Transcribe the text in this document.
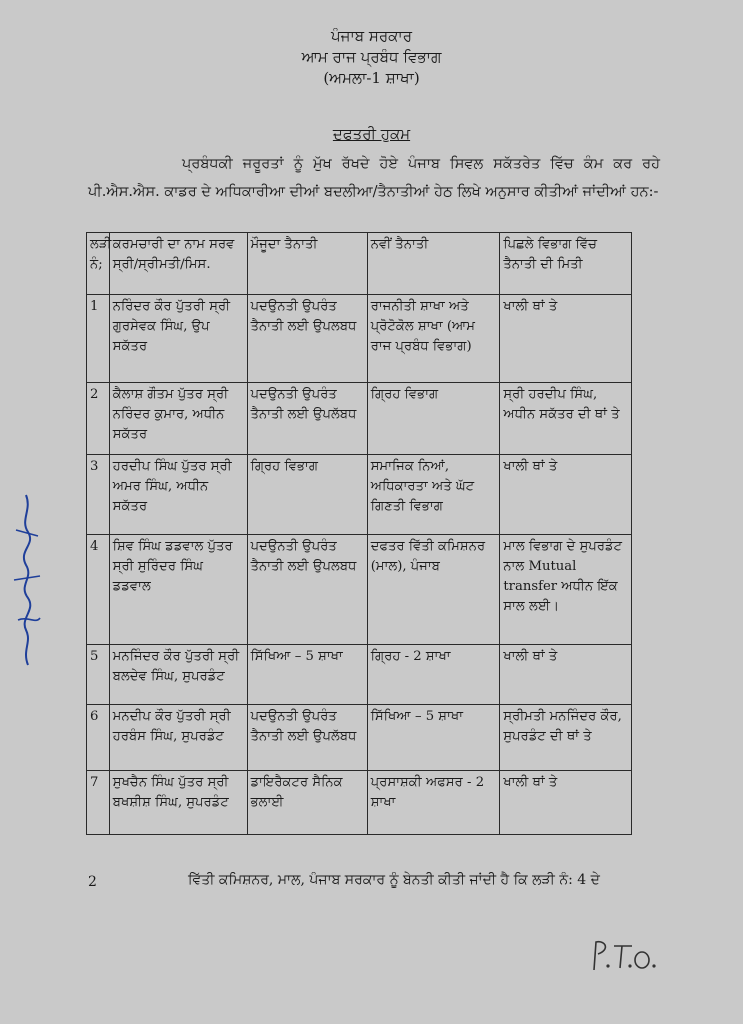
ਪੰਜਾਬ ਸਰਕਾਰ
ਆਮ ਰਾਜ ਪ੍ਰਬੰਧ ਵਿਭਾਗ
(ਅਮਲਾ-1 ਸ਼ਾਖਾ)
ਦਫਤਰੀ ਹੁਕਮ
ਪ੍ਰਬੰਧਕੀ ਜਰੂਰਤਾਂ ਨੂੰ ਮੁੱਖ ਰੱਖਦੇ ਹੋਏ ਪੰਜਾਬ ਸਿਵਲ ਸਕੱਤਰੇਤ ਵਿੱਚ ਕੰਮ ਕਰ ਰਹੇ ਪੀ.ਐਸ.ਐਸ. ਕਾਡਰ ਦੇ ਅਧਿਕਾਰੀਆ ਦੀਆਂ ਬਦਲੀਆ/ਤੈਨਾਤੀਆਂ ਹੇਠ ਲਿਖੇ ਅਨੁਸਾਰ ਕੀਤੀਆਂ ਜਾਂਦੀਆਂ ਹਨ:-
ਲੜੀ ਨੰ;	ਕਰਮਚਾਰੀ ਦਾ ਨਾਮ ਸਰਵ ਸ੍ਰੀ/ਸ੍ਰੀਮਤੀ/ਮਿਸ.	ਮੌਜੂਦਾ ਤੈਨਾਤੀ	ਨਵੀਂ ਤੈਨਾਤੀ	ਪਿਛਲੇ ਵਿਭਾਗ ਵਿੱਚ ਤੈਨਾਤੀ ਦੀ ਮਿਤੀ
1	ਨਰਿੰਦਰ ਕੌਰ ਪੁੱਤਰੀ ਸ੍ਰੀ ਗੁਰਸੇਵਕ ਸਿੰਘ, ਉਪ ਸਕੱਤਰ	ਪਦਉਨਤੀ ਉਪਰੰਤ ਤੈਨਾਤੀ ਲਈ ਉਪਲਬਧ	ਰਾਜਨੀਤੀ ਸ਼ਾਖਾ ਅਤੇ ਪ੍ਰੋਟੋਕੋਲ ਸ਼ਾਖਾ (ਆਮ ਰਾਜ ਪ੍ਰਬੰਧ ਵਿਭਾਗ)	ਖਾਲੀ ਥਾਂ ਤੇ
2	ਕੈਲਾਸ਼ ਗੌਤਮ ਪੁੱਤਰ ਸ੍ਰੀ ਨਰਿੰਦਰ ਕੁਮਾਰ, ਅਧੀਨ ਸਕੱਤਰ	ਪਦਉਨਤੀ ਉਪਰੰਤ ਤੈਨਾਤੀ ਲਈ ਉਪਲੱਬਧ	ਗ੍ਰਿਹ ਵਿਭਾਗ	ਸ੍ਰੀ ਹਰਦੀਪ ਸਿੰਘ, ਅਧੀਨ ਸਕੱਤਰ ਦੀ ਥਾਂ ਤੇ
3	ਹਰਦੀਪ ਸਿੰਘ ਪੁੱਤਰ ਸ੍ਰੀ ਅਮਰ ਸਿੰਘ, ਅਧੀਨ ਸਕੱਤਰ	ਗ੍ਰਿਹ ਵਿਭਾਗ	ਸਮਾਜਿਕ ਨਿਆਂ, ਅਧਿਕਾਰਤਾ ਅਤੇ ਘੱਟ ਗਿਣਤੀ ਵਿਭਾਗ	ਖਾਲੀ ਥਾਂ ਤੇ
4	ਸ਼ਿਵ ਸਿੰਘ ਡਡਵਾਲ ਪੁੱਤਰ ਸ੍ਰੀ ਸੁਰਿੰਦਰ ਸਿੰਘ ਡਡਵਾਲ	ਪਦਉਨਤੀ ਉਪਰੰਤ ਤੈਨਾਤੀ ਲਈ ਉਪਲਬਧ	ਦਫਤਰ ਵਿੱਤੀ ਕਮਿਸ਼ਨਰ (ਮਾਲ), ਪੰਜਾਬ	ਮਾਲ ਵਿਭਾਗ ਦੇ ਸੁਪਰਡੰਟ ਨਾਲ Mutual transfer ਅਧੀਨ ਇੱਕ ਸਾਲ ਲਈ।
5	ਮਨਜਿੰਦਰ ਕੌਰ ਪੁੱਤਰੀ ਸ੍ਰੀ ਬਲਦੇਵ ਸਿੰਘ, ਸੁਪਰਡੰਟ	ਸਿੱਖਿਆ – 5 ਸ਼ਾਖਾ	ਗ੍ਰਿਹ - 2 ਸ਼ਾਖਾ	ਖਾਲੀ ਥਾਂ ਤੇ
6	ਮਨਦੀਪ ਕੌਰ ਪੁੱਤਰੀ ਸ੍ਰੀ ਹਰਬੰਸ ਸਿੰਘ, ਸੁਪਰਡੰਟ	ਪਦਉਨਤੀ ਉਪਰੰਤ ਤੈਨਾਤੀ ਲਈ ਉਪਲੱਬਧ	ਸਿੱਖਿਆ – 5 ਸ਼ਾਖਾ	ਸ੍ਰੀਮਤੀ ਮਨਜਿੰਦਰ ਕੌਰ, ਸੁਪਰਡੰਟ ਦੀ ਥਾਂ ਤੇ
7	ਸੁਖਚੈਨ ਸਿੰਘ ਪੁੱਤਰ ਸ੍ਰੀ ਬਖਸ਼ੀਸ਼ ਸਿੰਘ, ਸੁਪਰਡੰਟ	ਡਾਇਰੈਕਟਰ ਸੈਨਿਕ ਭਲਾਈ	ਪ੍ਰਸਾਸ਼ਕੀ ਅਫਸਰ - 2 ਸ਼ਾਖਾ	ਖਾਲੀ ਥਾਂ ਤੇ
2	ਵਿੱਤੀ ਕਮਿਸ਼ਨਰ, ਮਾਲ, ਪੰਜਾਬ ਸਰਕਾਰ ਨੂੰ ਬੇਨਤੀ ਕੀਤੀ ਜਾਂਦੀ ਹੈ ਕਿ ਲੜੀ ਨੰ: 4 ਦੇ
